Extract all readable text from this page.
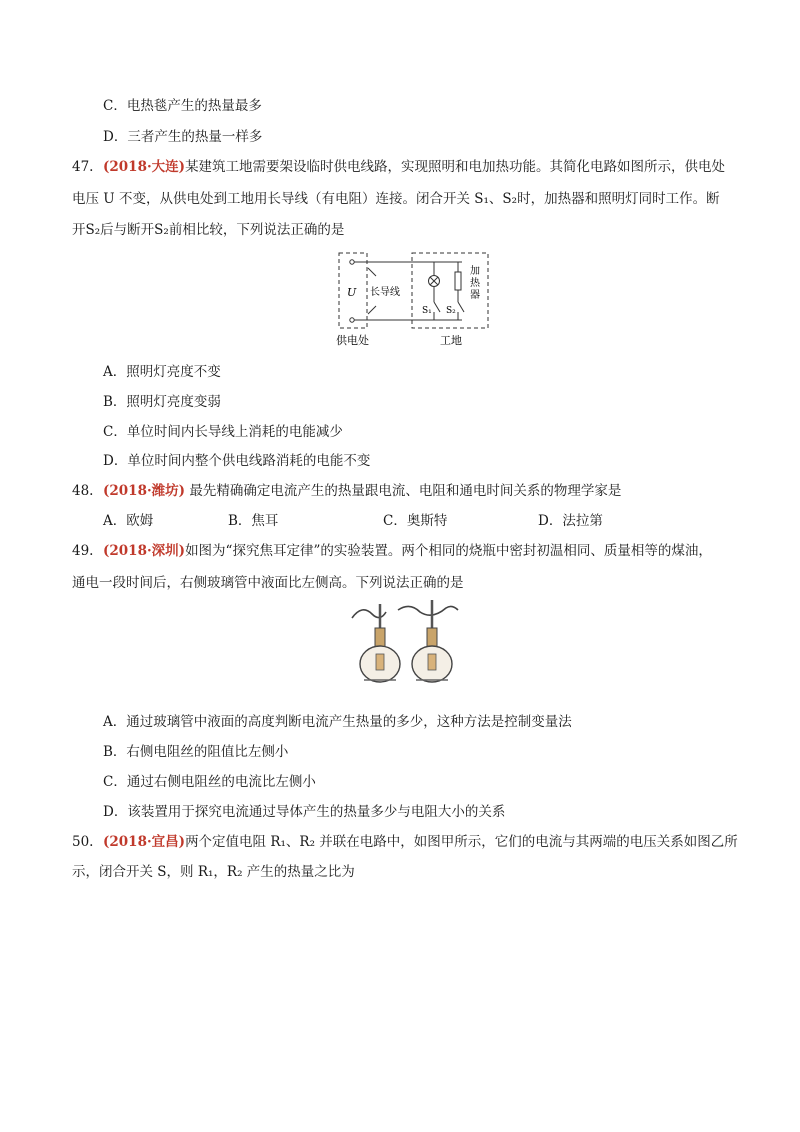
C．电热毯产生的热量最多
D．三者产生的热量一样多
47. (2018·大连)某建筑工地需要架设临时供电线路，实现照明和电加热功能。其简化电路如图所示，供电处
电压 U 不变，从供电处到工地用长导线（有电阻）连接。闭合开关 S₁、S₂时，加热器和照明灯同时工作。断
开S₂后与断开S₂前相比较，下列说法正确的是
U 长导线
S₁ S₂
加
热
器
供电处	工地
A．照明灯亮度不变
B．照明灯亮度变弱
C．单位时间内长导线上消耗的电能减少
D．单位时间内整个供电线路消耗的电能不变
48. (2018·潍坊) 最先精确确定电流产生的热量跟电流、电阻和通电时间关系的物理学家是
A．欧姆	B．焦耳	C．奥斯特	D．法拉第
49. (2018·深圳)如图为“探究焦耳定律”的实验装置。两个相同的烧瓶中密封初温相同、质量相等的煤油，
通电一段时间后，右侧玻璃管中液面比左侧高。下列说法正确的是
A．通过玻璃管中液面的高度判断电流产生热量的多少，这种方法是控制变量法
B．右侧电阻丝的阻值比左侧小
C．通过右侧电阻丝的电流比左侧小
D．该装置用于探究电流通过导体产生的热量多少与电阻大小的关系
50. (2018·宜昌)两个定值电阻 R₁、R₂ 并联在电路中，如图甲所示，它们的电流与其两端的电压关系如图乙所
示，闭合开关 S，则 R₁，R₂ 产生的热量之比为
